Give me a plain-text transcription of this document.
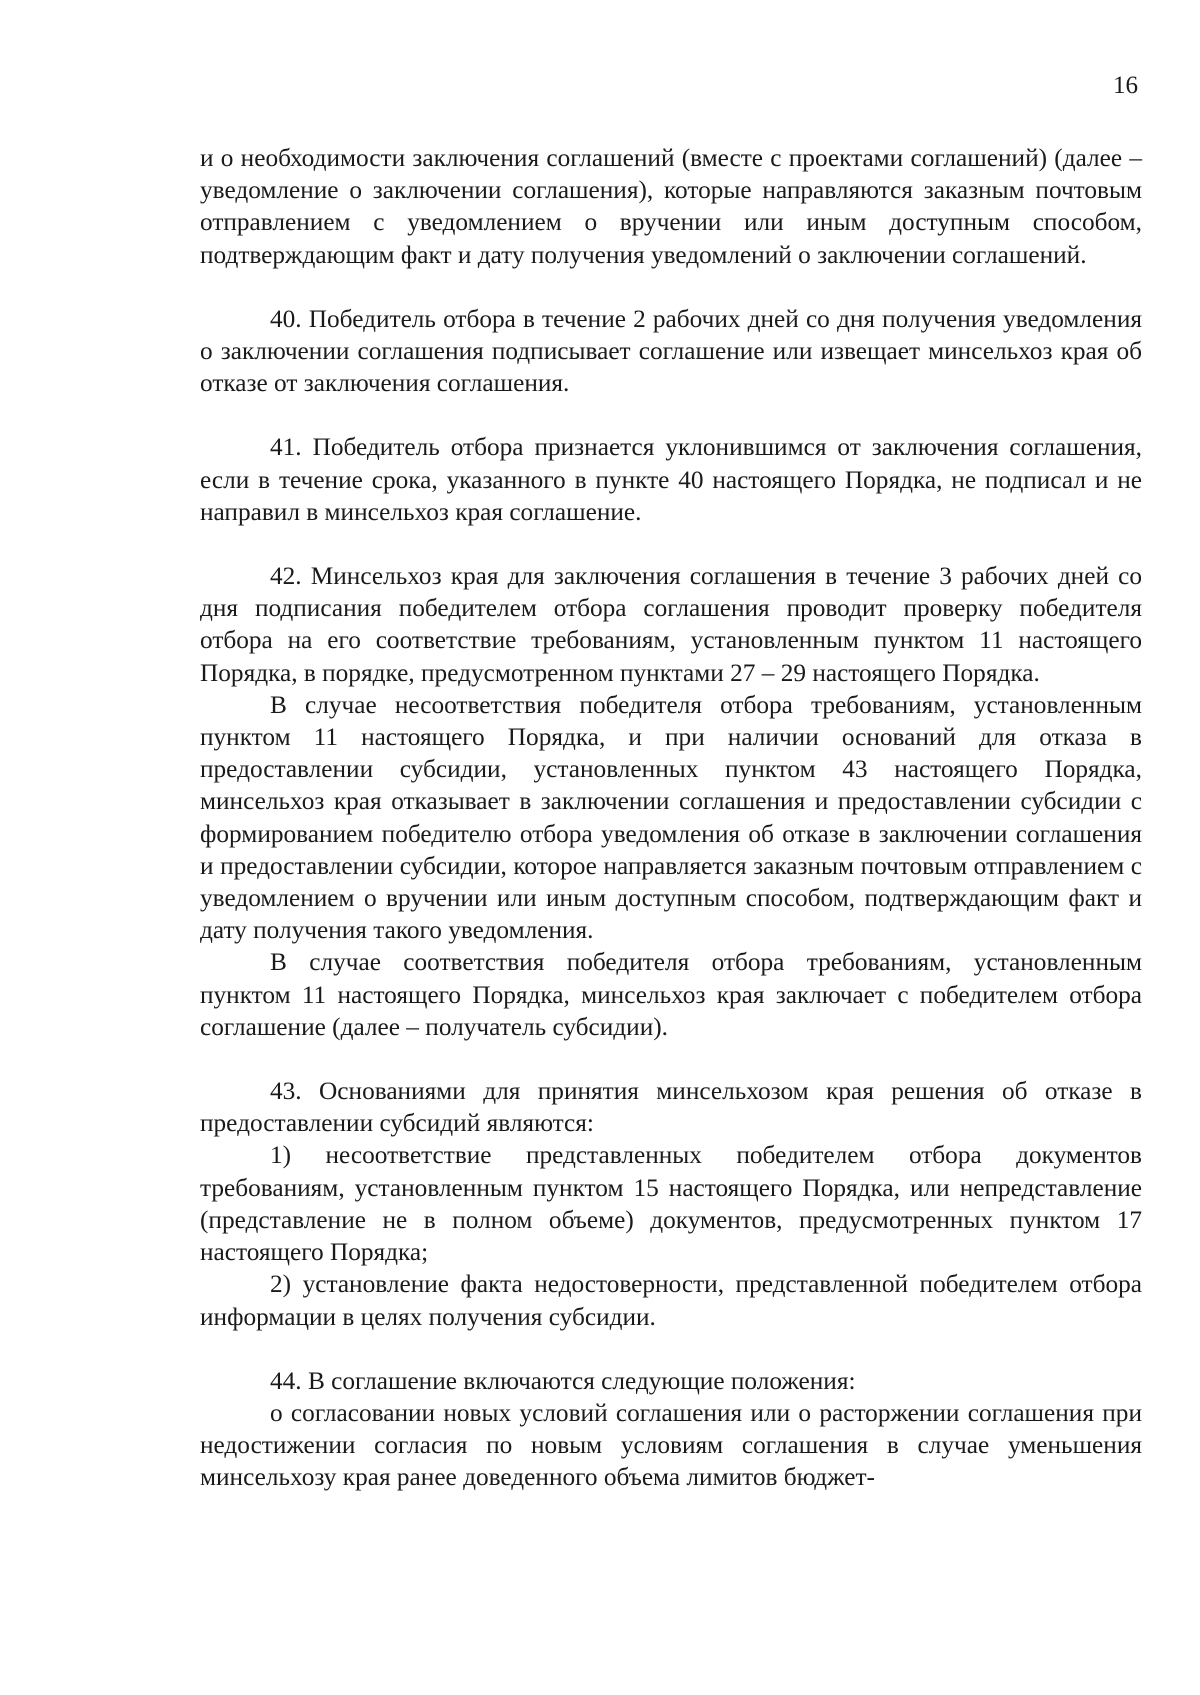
16

и о необходимости заключения соглашений (вместе с проектами соглашений) (далее – уведомление о заключении соглашения), которые направляются заказным почтовым отправлением с уведомлением о вручении или иным доступным способом, подтверждающим факт и дату получения уведомлений о заключении соглашений.

40. Победитель отбора в течение 2 рабочих дней со дня получения уведомления о заключении соглашения подписывает соглашение или извещает минсельхоз края об отказе от заключения соглашения.

41. Победитель отбора признается уклонившимся от заключения соглашения, если в течение срока, указанного в пункте 40 настоящего Порядка, не подписал и не направил в минсельхоз края соглашение.

42. Минсельхоз края для заключения соглашения в течение 3 рабочих дней со дня подписания победителем отбора соглашения проводит проверку победителя отбора на его соответствие требованиям, установленным пунктом 11 настоящего Порядка, в порядке, предусмотренном пунктами 27 – 29 настоящего Порядка.

В случае несоответствия победителя отбора требованиям, установленным пунктом 11 настоящего Порядка, и при наличии оснований для отказа в предоставлении субсидии, установленных пунктом 43 настоящего Порядка, минсельхоз края отказывает в заключении соглашения и предоставлении субсидии с формированием победителю отбора уведомления об отказе в заключении соглашения и предоставлении субсидии, которое направляется заказным почтовым отправлением с уведомлением о вручении или иным доступным способом, подтверждающим факт и дату получения такого уведомления.

В случае соответствия победителя отбора требованиям, установленным пунктом 11 настоящего Порядка, минсельхоз края заключает с победителем отбора соглашение (далее – получатель субсидии).

43. Основаниями для принятия минсельхозом края решения об отказе в предоставлении субсидий являются:

1) несоответствие представленных победителем отбора документов требованиям, установленным пунктом 15 настоящего Порядка, или непредставление (представление не в полном объеме) документов, предусмотренных пунктом 17 настоящего Порядка;

2) установление факта недостоверности, представленной победителем отбора информации в целях получения субсидии.

44. В соглашение включаются следующие положения:

о согласовании новых условий соглашения или о расторжении соглашения при недостижении согласия по новым условиям соглашения в случае уменьшения минсельхозу края ранее доведенного объема лимитов бюджет-
